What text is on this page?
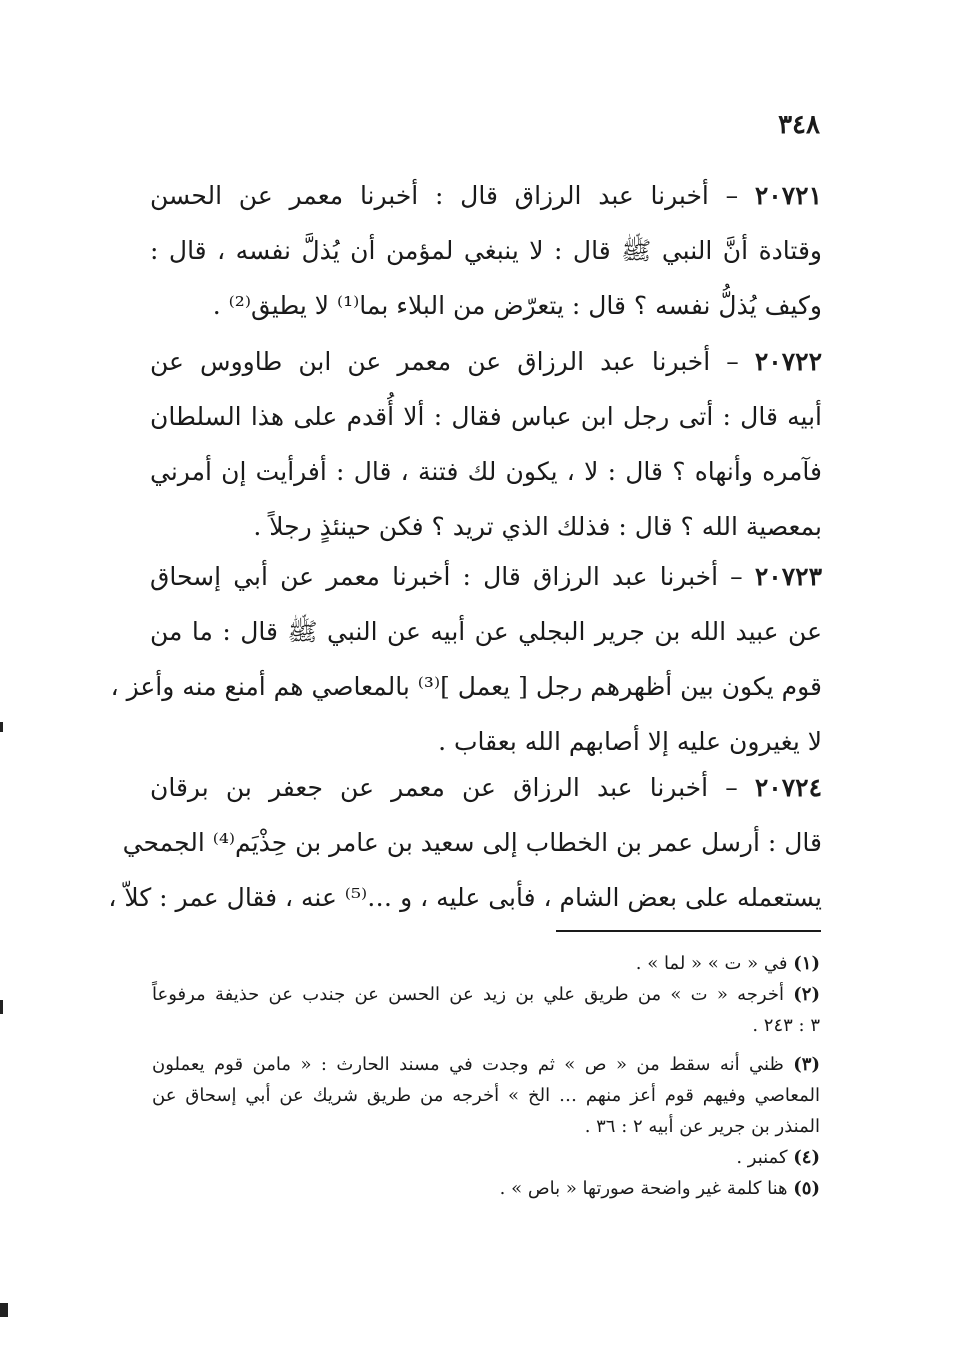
٣٤٨
٢٠٧٢١ – أخبرنا عبد الرزاق قال : أخبرنا معمر عن الحسن
وقتادة أنَّ النبي ﷺ قال : لا ينبغي لمؤمن أن يُذلَّ نفسه ، قال :
وكيف يُذلُّ نفسه ؟ قال : يتعرّض من البلاء بما⁽¹⁾ لا يطيق⁽²⁾ .
٢٠٧٢٢ – أخبرنا عبد الرزاق عن معمر عن ابن طاووس عن
أبيه قال : أتى رجل ابن عباس فقال : ألا أُقدم على هذا السلطان
فآمره وأنهاه ؟ قال : لا ، يكون لك فتنة ، قال : أفرأيت إن أمرني
بمعصية الله ؟ قال : فذلك الذي تريد ؟ فكن حينئذٍ رجلاً .
٢٠٧٢٣ – أخبرنا عبد الرزاق قال : أخبرنا معمر عن أبي إسحاق
عن عبيد الله بن جرير البجلي عن أبيه عن النبي ﷺ قال : ما من
قوم يكون بين أظهرهم رجل [ يعمل ]⁽³⁾ بالمعاصي هم أمنع منه وأعز ،
لا يغيرون عليه إلا أصابهم الله بعقاب .
٢٠٧٢٤ – أخبرنا عبد الرزاق عن معمر عن جعفر بن برقان
قال : أرسل عمر بن الخطاب إلى سعيد بن عامر بن حِذْيَم⁽⁴⁾ الجمحي
يستعمله على بعض الشام ، فأبى عليه ، و …⁽⁵⁾ عنه ، فقال عمر : كلاّ ،
(١) في « ت » « لما » .
(٢) أخرجه « ت » من طريق علي بن زيد عن الحسن عن جندب عن حذيفة مرفوعاً
٣ : ٢٤٣ .
(٣) ظني أنه سقط من « ص » ثم وجدت في مسند الحارث : « مامن قوم يعملون
المعاصي وفيهم قوم أعز منهم … الخ » أخرجه من طريق شريك عن أبي إسحاق عن
المنذر بن جرير عن أبيه ٢ : ٣٦ .
(٤) كمنبر .
(٥) هنا كلمة غير واضحة صورتها « باص » .
